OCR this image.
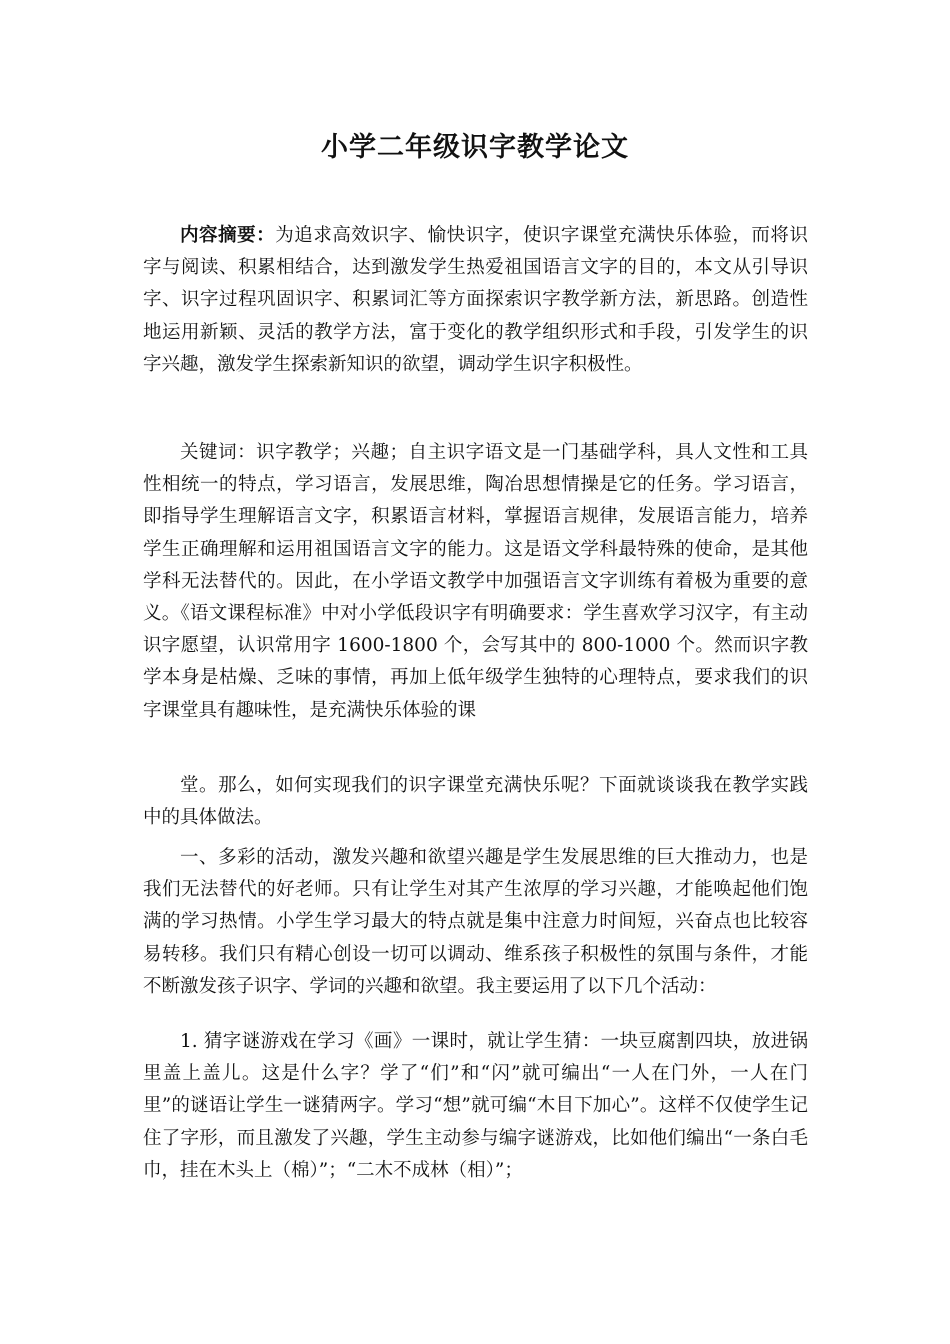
小学二年级识字教学论文

内容摘要：为追求高效识字、愉快识字，使识字课堂充满快乐体验，而将识字与阅读、积累相结合，达到激发学生热爱祖国语言文字的目的，本文从引导识字、识字过程巩固识字、积累词汇等方面探索识字教学新方法，新思路。创造性地运用新颖、灵活的教学方法，富于变化的教学组织形式和手段，引发学生的识字兴趣，激发学生探索新知识的欲望，调动学生识字积极性。

关键词：识字教学；兴趣；自主识字语文是一门基础学科，具人文性和工具性相统一的特点，学习语言，发展思维，陶冶思想情操是它的任务。学习语言，即指导学生理解语言文字，积累语言材料，掌握语言规律，发展语言能力，培养学生正确理解和运用祖国语言文字的能力。这是语文学科最特殊的使命，是其他学科无法替代的。因此，在小学语文教学中加强语言文字训练有着极为重要的意义。《语文课程标准》中对小学低段识字有明确要求：学生喜欢学习汉字，有主动识字愿望，认识常用字 1600-1800 个，会写其中的 800-1000 个。然而识字教学本身是枯燥、乏味的事情，再加上低年级学生独特的心理特点，要求我们的识字课堂具有趣味性，是充满快乐体验的课

堂。那么，如何实现我们的识字课堂充满快乐呢？下面就谈谈我在教学实践中的具体做法。

一、多彩的活动，激发兴趣和欲望兴趣是学生发展思维的巨大推动力，也是我们无法替代的好老师。只有让学生对其产生浓厚的学习兴趣，才能唤起他们饱满的学习热情。小学生学习最大的特点就是集中注意力时间短，兴奋点也比较容易转移。我们只有精心创设一切可以调动、维系孩子积极性的氛围与条件，才能不断激发孩子识字、学词的兴趣和欲望。我主要运用了以下几个活动：

1. 猜字谜游戏在学习《画》一课时，就让学生猜：一块豆腐割四块，放进锅里盖上盖儿。这是什么字？学了“们”和“闪”就可编出“一人在门外，一人在门里”的谜语让学生一谜猜两字。学习“想”就可编“木目下加心”。这样不仅使学生记住了字形，而且激发了兴趣，学生主动参与编字谜游戏，比如他们编出“一条白毛巾，挂在木头上（棉）”；“二木不成林（相）”；
